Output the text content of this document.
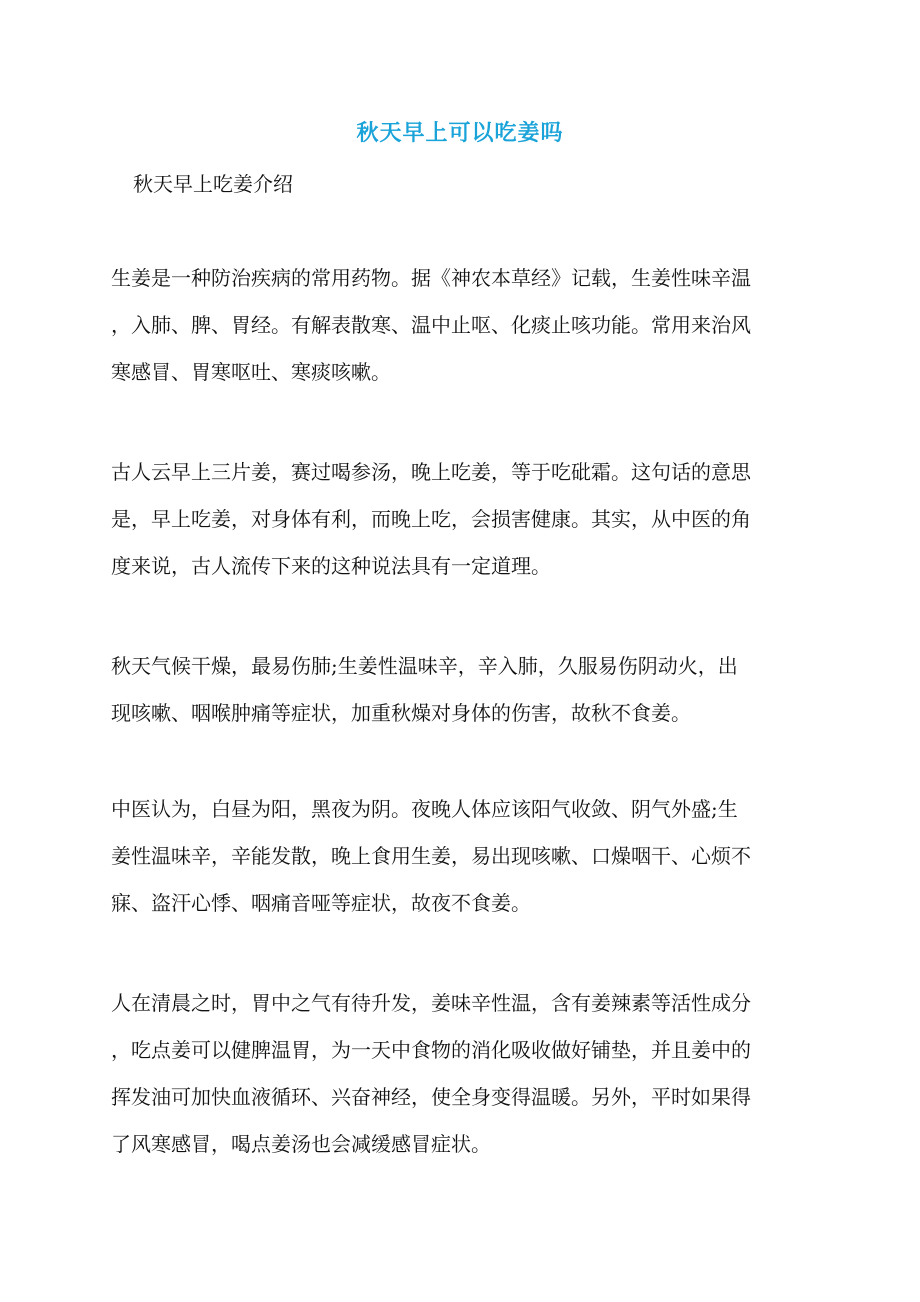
秋天早上可以吃姜吗
秋天早上吃姜介绍
生姜是一种防治疾病的常用药物。据《神农本草经》记载，生姜性味辛温
，入肺、脾、胃经。有解表散寒、温中止呕、化痰止咳功能。常用来治风
寒感冒、胃寒呕吐、寒痰咳嗽。
古人云早上三片姜，赛过喝参汤，晚上吃姜，等于吃砒霜。这句话的意思
是，早上吃姜，对身体有利，而晚上吃，会损害健康。其实，从中医的角
度来说，古人流传下来的这种说法具有一定道理。
秋天气候干燥，最易伤肺;生姜性温味辛，辛入肺，久服易伤阴动火，出
现咳嗽、咽喉肿痛等症状，加重秋燥对身体的伤害，故秋不食姜。
中医认为，白昼为阳，黑夜为阴。夜晚人体应该阳气收敛、阴气外盛;生
姜性温味辛，辛能发散，晚上食用生姜，易出现咳嗽、口燥咽干、心烦不
寐、盗汗心悸、咽痛音哑等症状，故夜不食姜。
人在清晨之时，胃中之气有待升发，姜味辛性温，含有姜辣素等活性成分
，吃点姜可以健脾温胃，为一天中食物的消化吸收做好铺垫，并且姜中的
挥发油可加快血液循环、兴奋神经，使全身变得温暖。另外，平时如果得
了风寒感冒，喝点姜汤也会减缓感冒症状。
